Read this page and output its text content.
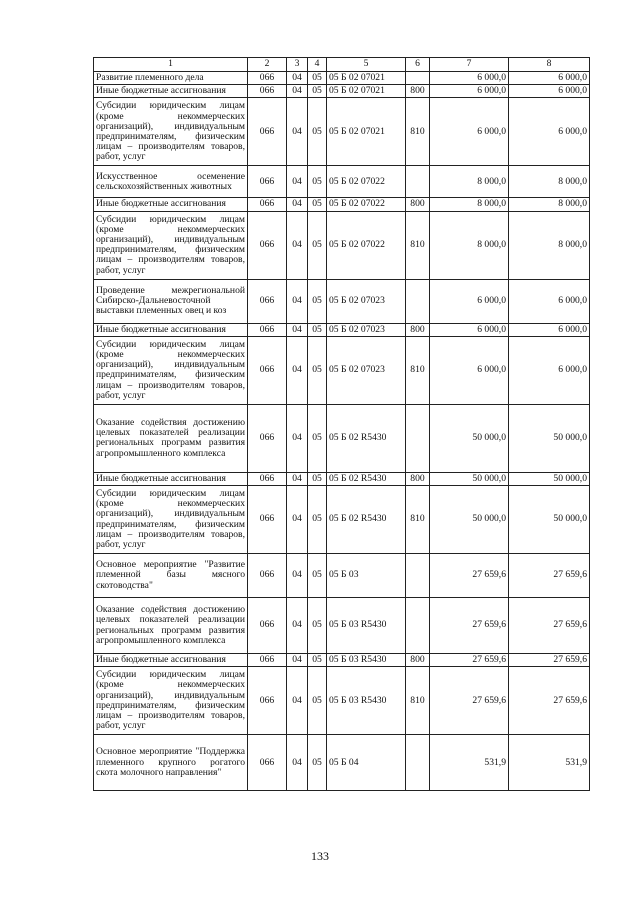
1	2	3	4	5	6	7	8
Развитие племенного дела	066	04	05	05 Б 02 07021		6 000,0	6 000,0
Иные бюджетные ассигнования	066	04	05	05 Б 02 07021	800	6 000,0	6 000,0
Субсидии юридическим лицам (кроме некоммерческих организаций), индивидуальным предпринимателям, физическим лицам – производителям товаров, работ, услуг	066	04	05	05 Б 02 07021	810	6 000,0	6 000,0
Искусственное осеменение сельскохозяйственных животных	066	04	05	05 Б 02 07022		8 000,0	8 000,0
Иные бюджетные ассигнования	066	04	05	05 Б 02 07022	800	8 000,0	8 000,0
Субсидии юридическим лицам (кроме некоммерческих организаций), индивидуальным предпринимателям, физическим лицам – производителям товаров, работ, услуг	066	04	05	05 Б 02 07022	810	8 000,0	8 000,0
Проведение межрегиональной Сибирско-Дальневосточной выставки племенных овец и коз	066	04	05	05 Б 02 07023		6 000,0	6 000,0
Иные бюджетные ассигнования	066	04	05	05 Б 02 07023	800	6 000,0	6 000,0
Субсидии юридическим лицам (кроме некоммерческих организаций), индивидуальным предпринимателям, физическим лицам – производителям товаров, работ, услуг	066	04	05	05 Б 02 07023	810	6 000,0	6 000,0
Оказание содействия достижению целевых показателей реализации региональных программ развития агропромышленного комплекса	066	04	05	05 Б 02 R5430		50 000,0	50 000,0
Иные бюджетные ассигнования	066	04	05	05 Б 02 R5430	800	50 000,0	50 000,0
Субсидии юридическим лицам (кроме некоммерческих организаций), индивидуальным предпринимателям, физическим лицам – производителям товаров, работ, услуг	066	04	05	05 Б 02 R5430	810	50 000,0	50 000,0
Основное мероприятие "Развитие племенной базы мясного скотоводства"	066	04	05	05 Б 03		27 659,6	27 659,6
Оказание содействия достижению целевых показателей реализации региональных программ развития агропромышленного комплекса	066	04	05	05 Б 03 R5430		27 659,6	27 659,6
Иные бюджетные ассигнования	066	04	05	05 Б 03 R5430	800	27 659,6	27 659,6
Субсидии юридическим лицам (кроме некоммерческих организаций), индивидуальным предпринимателям, физическим лицам – производителям товаров, работ, услуг	066	04	05	05 Б 03 R5430	810	27 659,6	27 659,6
Основное мероприятие "Поддержка племенного крупного рогатого скота молочного направления"	066	04	05	05 Б 04		531,9	531,9
133
